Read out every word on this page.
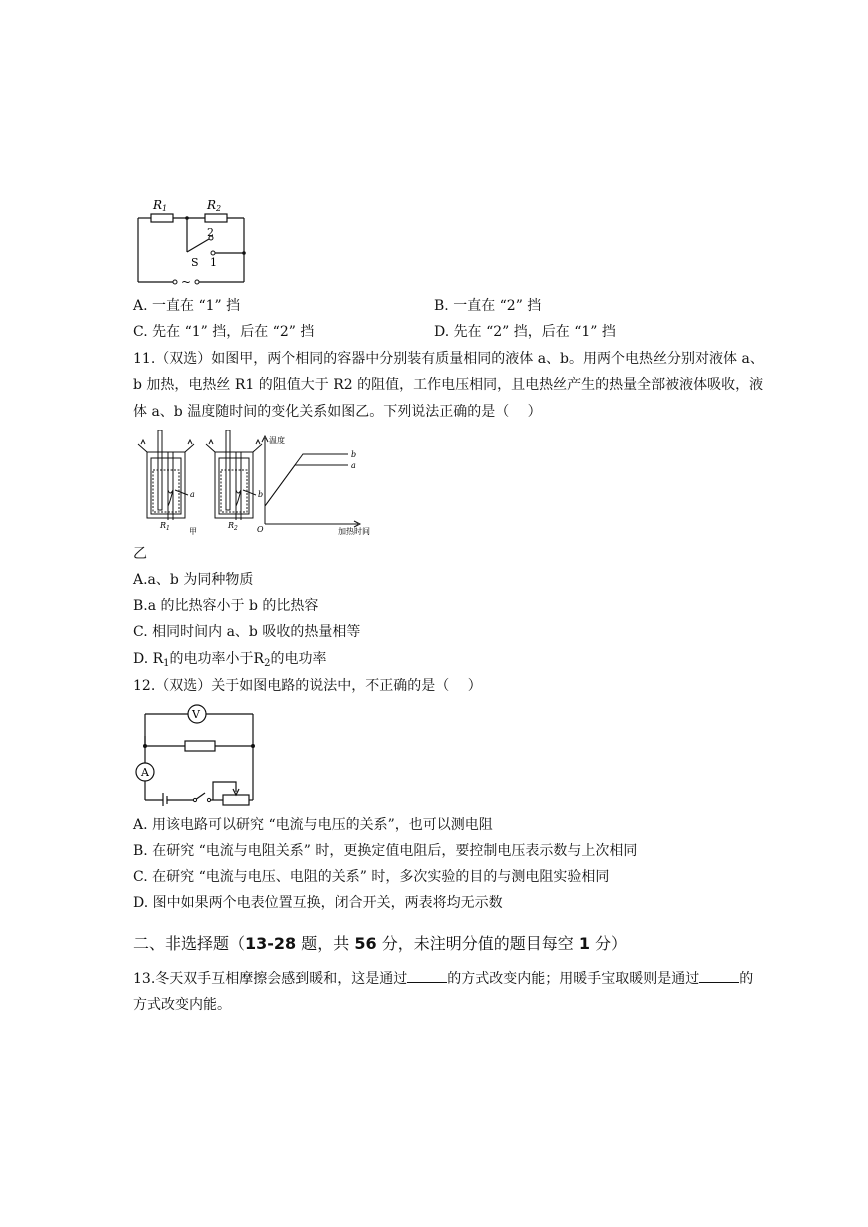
R1	R2
2
S 1
~
A. 一直在 “1” 挡	B. 一直在 “2” 挡
C. 先在 “1” 挡，后在 “2” 挡	D. 先在 “2” 挡，后在 “1” 挡
11.（双选）如图甲，两个相同的容器中分别装有质量相同的液体 a、b。用两个电热丝分别对液体 a、
b 加热，电热丝 R1 的阻值大于 R2 的阻值，工作电压相同，且电热丝产生的热量全部被液体吸收，液
体 a、b 温度随时间的变化关系如图乙。下列说法正确的是（　 ）
a	b
$R_1$	$R_2$
甲
温度
加热时间
O
b
a
乙
A.a、b 为同种物质
B.a 的比热容小于 b 的比热容
C. 相同时间内 a、b 吸收的热量相等
D. $R_1$的电功率小于$R_2$的电功率
12.（双选）关于如图电路的说法中，不正确的是（　 ）
V
A
A. 用该电路可以研究 “电流与电压的关系”，也可以测电阻
B. 在研究 “电流与电阻关系” 时，更换定值电阻后，要控制电压表示数与上次相同
C. 在研究 “电流与电压、电阻的关系” 时，多次实验的目的与测电阻实验相同
D. 图中如果两个电表位置互换，闭合开关，两表将均无示数
二、非选择题（13-28 题，共 56 分，未注明分值的题目每空 1 分）
13.冬天双手互相摩擦会感到暖和，这是通过	的方式改变内能；用暖手宝取暖则是通过	的
方式改变内能。
